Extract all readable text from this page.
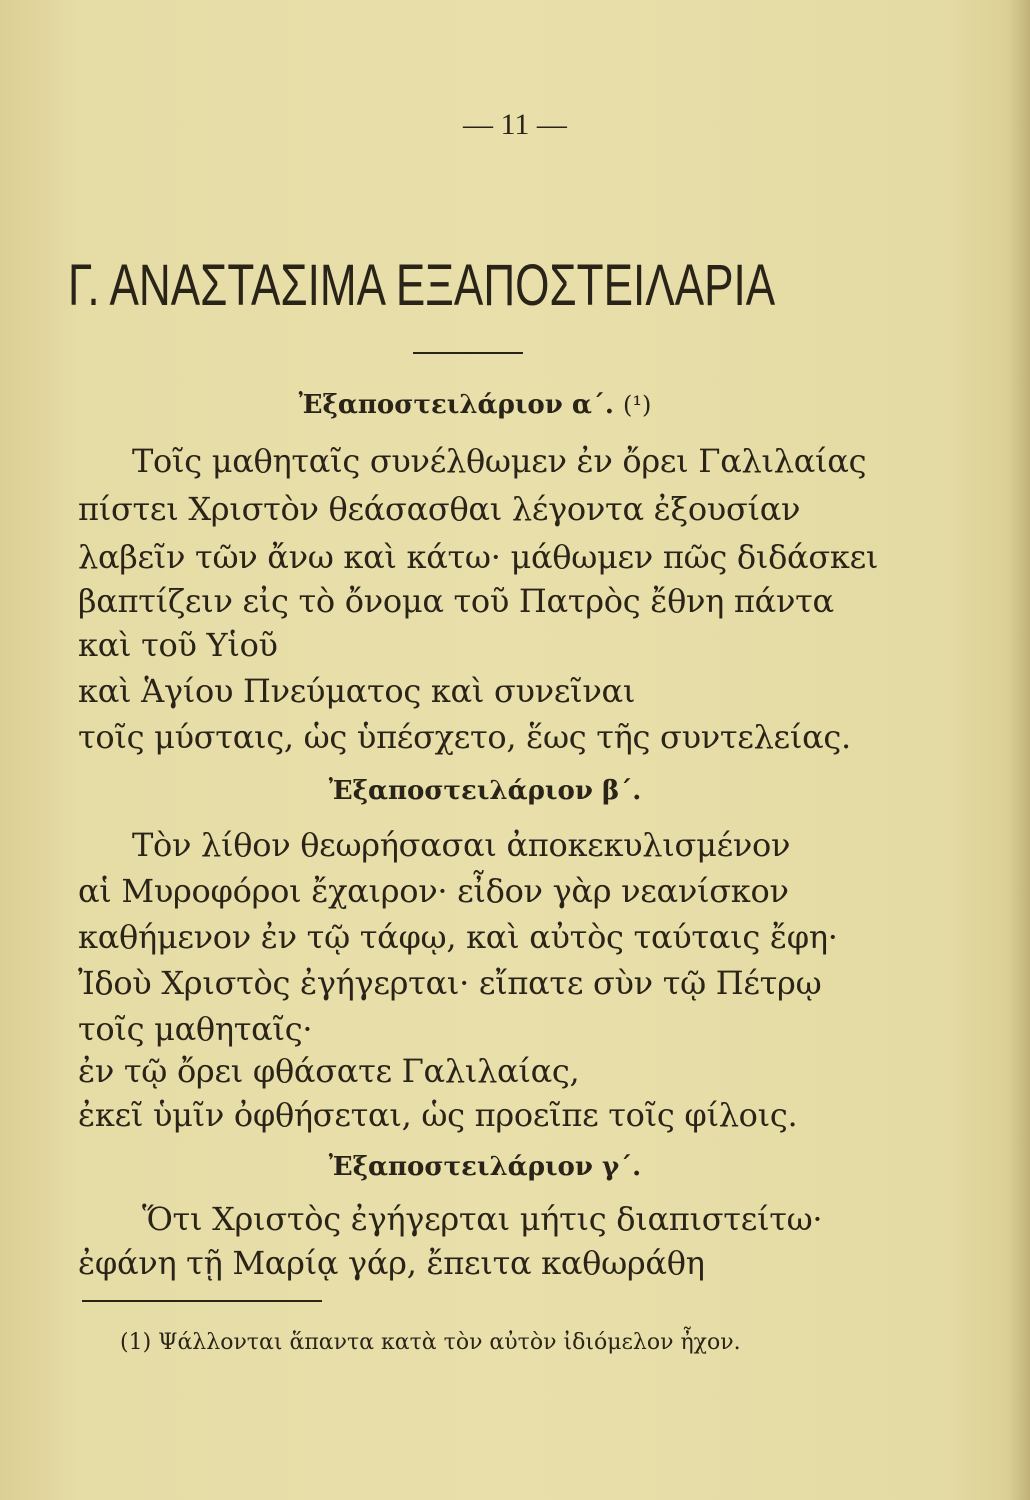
— 11 —
Γ. ΑΝΑΣΤΑΣΙΜΑ ΕΞΑΠΟΣΤΕΙΛΑΡΙΑ
Ἐξαποστειλάριον α΄. (¹)
Τοῖς μαθηταῖς συνέλθωμεν ἐν ὄρει Γαλιλαίας
πίστει Χριστὸν θεάσασθαι λέγοντα ἐξουσίαν
λαβεῖν τῶν ἄνω καὶ κάτω· μάθωμεν πῶς διδάσκει
βαπτίζειν εἰς τὸ ὄνομα τοῦ Πατρὸς ἔθνη πάντα
καὶ τοῦ Υἱοῦ
καὶ Ἁγίου Πνεύματος καὶ συνεῖναι
τοῖς μύσταις, ὡς ὑπέσχετο, ἕως τῆς συντελείας.
Ἐξαποστειλάριον β΄.
Τὸν λίθον θεωρήσασαι ἀποκεκυλισμένον
αἱ Μυροφόροι ἔχαιρον· εἶδον γὰρ νεανίσκον
καθήμενον ἐν τῷ τάφῳ, καὶ αὐτὸς ταύταις ἔφη·
Ἰδοὺ Χριστὸς ἐγήγερται· εἴπατε σὺν τῷ Πέτρῳ
τοῖς μαθηταῖς·
ἐν τῷ ὄρει φθάσατε Γαλιλαίας,
ἐκεῖ ὑμῖν ὀφθήσεται, ὡς προεῖπε τοῖς φίλοις.
Ἐξαποστειλάριον γ΄.
Ὅτι Χριστὸς ἐγήγερται μήτις διαπιστείτω·
ἐφάνη τῇ Μαρίᾳ γάρ, ἔπειτα καθωράθη
(1) Ψάλλονται ἅπαντα κατὰ τὸν αὐτὸν ἰδιόμελον ἦχον.
